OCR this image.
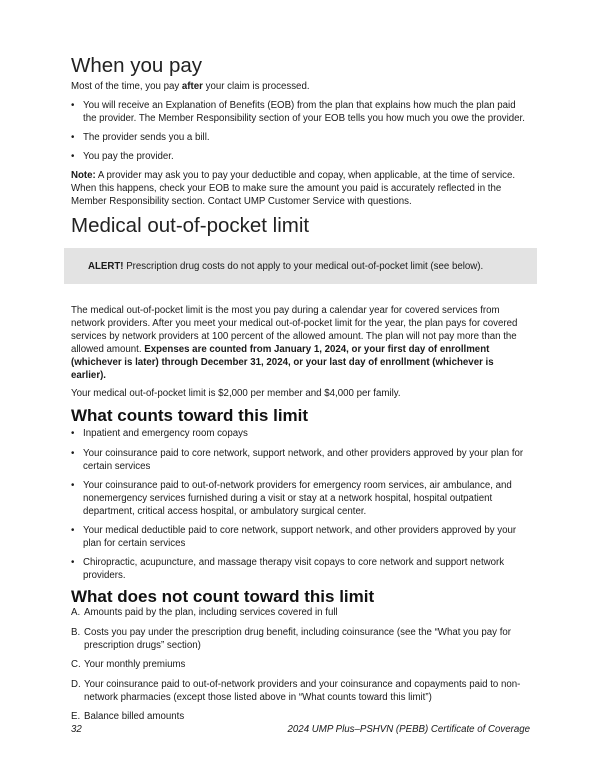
When you pay

Most of the time, you pay after your claim is processed.

• You will receive an Explanation of Benefits (EOB) from the plan that explains how much the plan paid the provider. The Member Responsibility section of your EOB tells you how much you owe the provider.
• The provider sends you a bill.
• You pay the provider.

Note: A provider may ask you to pay your deductible and copay, when applicable, at the time of service. When this happens, check your EOB to make sure the amount you paid is accurately reflected in the Member Responsibility section. Contact UMP Customer Service with questions.

Medical out-of-pocket limit

ALERT! Prescription drug costs do not apply to your medical out-of-pocket limit (see below).

The medical out-of-pocket limit is the most you pay during a calendar year for covered services from network providers. After you meet your medical out-of-pocket limit for the year, the plan pays for covered services by network providers at 100 percent of the allowed amount. The plan will not pay more than the allowed amount. Expenses are counted from January 1, 2024, or your first day of enrollment (whichever is later) through December 31, 2024, or your last day of enrollment (whichever is earlier).

Your medical out-of-pocket limit is $2,000 per member and $4,000 per family.

What counts toward this limit
• Inpatient and emergency room copays
• Your coinsurance paid to core network, support network, and other providers approved by your plan for certain services
• Your coinsurance paid to out-of-network providers for emergency room services, air ambulance, and nonemergency services furnished during a visit or stay at a network hospital, hospital outpatient department, critical access hospital, or ambulatory surgical center.
• Your medical deductible paid to core network, support network, and other providers approved by your plan for certain services
• Chiropractic, acupuncture, and massage therapy visit copays to core network and support network providers.
What does not count toward this limit
A. Amounts paid by the plan, including services covered in full
B. Costs you pay under the prescription drug benefit, including coinsurance (see the “What you pay for prescription drugs” section)
C. Your monthly premiums
D. Your coinsurance paid to out-of-network providers and your coinsurance and copayments paid to non-network pharmacies (except those listed above in “What counts toward this limit”)
E. Balance billed amounts
32	2024 UMP Plus–PSHVN (PEBB) Certificate of Coverage
